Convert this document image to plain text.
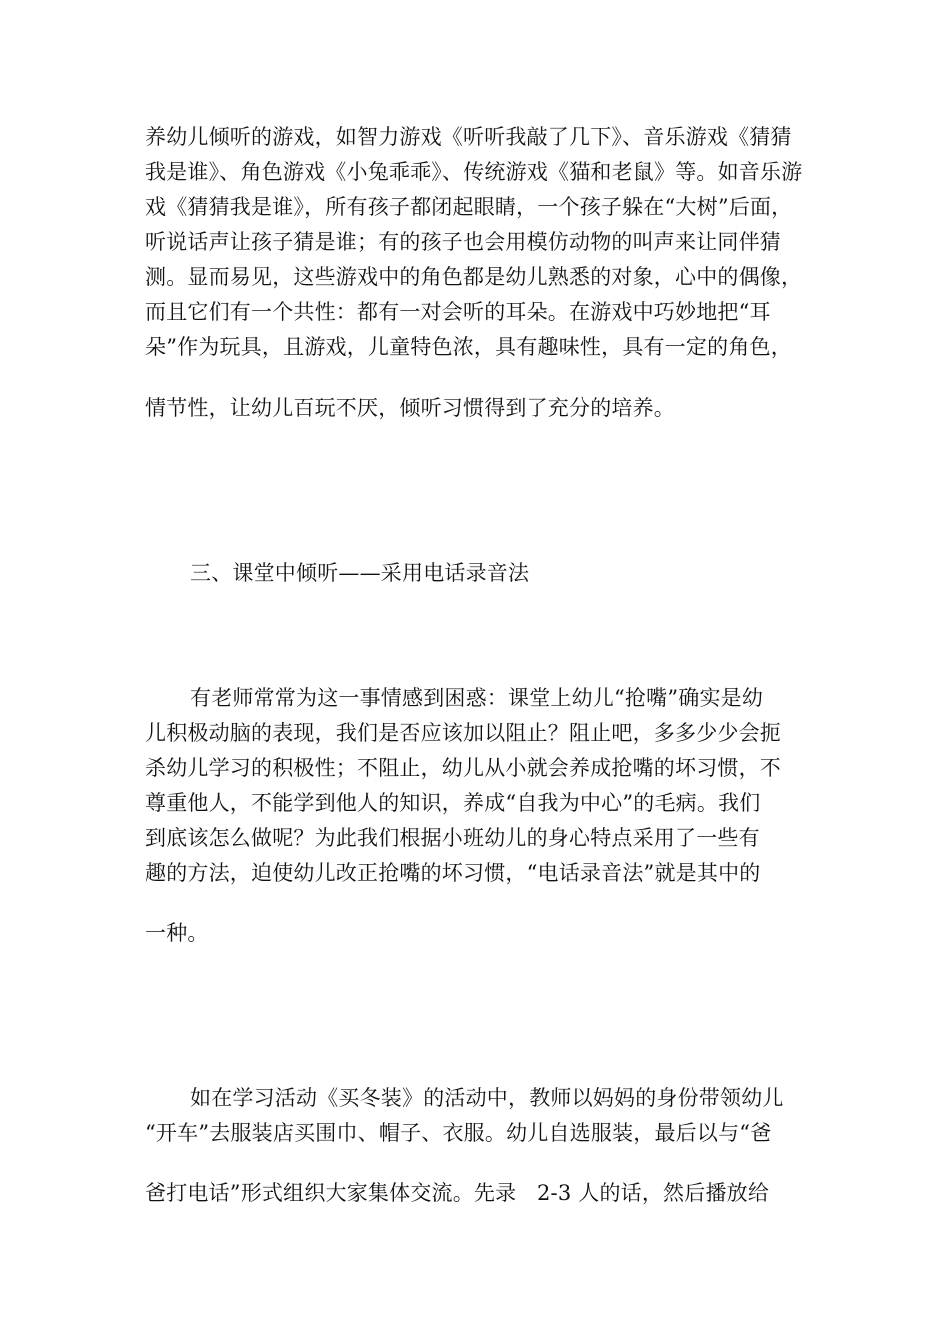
养幼儿倾听的游戏，如智力游戏《听听我敲了几下》、音乐游戏《猜猜
我是谁》、角色游戏《小兔乖乖》、传统游戏《猫和老鼠》等。如音乐游
戏《猜猜我是谁》，所有孩子都闭起眼睛，一个孩子躲在“大树”后面，
听说话声让孩子猜是谁；有的孩子也会用模仿动物的叫声来让同伴猜
测。显而易见，这些游戏中的角色都是幼儿熟悉的对象，心中的偶像，
而且它们有一个共性：都有一对会听的耳朵。在游戏中巧妙地把“耳
朵”作为玩具，且游戏，儿童特色浓，具有趣味性，具有一定的角色，
情节性，让幼儿百玩不厌，倾听习惯得到了充分的培养。
三、课堂中倾听——采用电话录音法
有老师常常为这一事情感到困惑：课堂上幼儿“抢嘴”确实是幼
儿积极动脑的表现，我们是否应该加以阻止？阻止吧，多多少少会扼
杀幼儿学习的积极性；不阻止，幼儿从小就会养成抢嘴的坏习惯，不
尊重他人，不能学到他人的知识，养成“自我为中心”的毛病。我们
到底该怎么做呢？为此我们根据小班幼儿的身心特点采用了一些有
趣的方法，迫使幼儿改正抢嘴的坏习惯，“电话录音法”就是其中的
一种。
如在学习活动《买冬装》的活动中，教师以妈妈的身份带领幼儿
“开车”去服装店买围巾、帽子、衣服。幼儿自选服装，最后以与“爸
爸打电话”形式组织大家集体交流。先录   2-3 人的话，然后播放给
